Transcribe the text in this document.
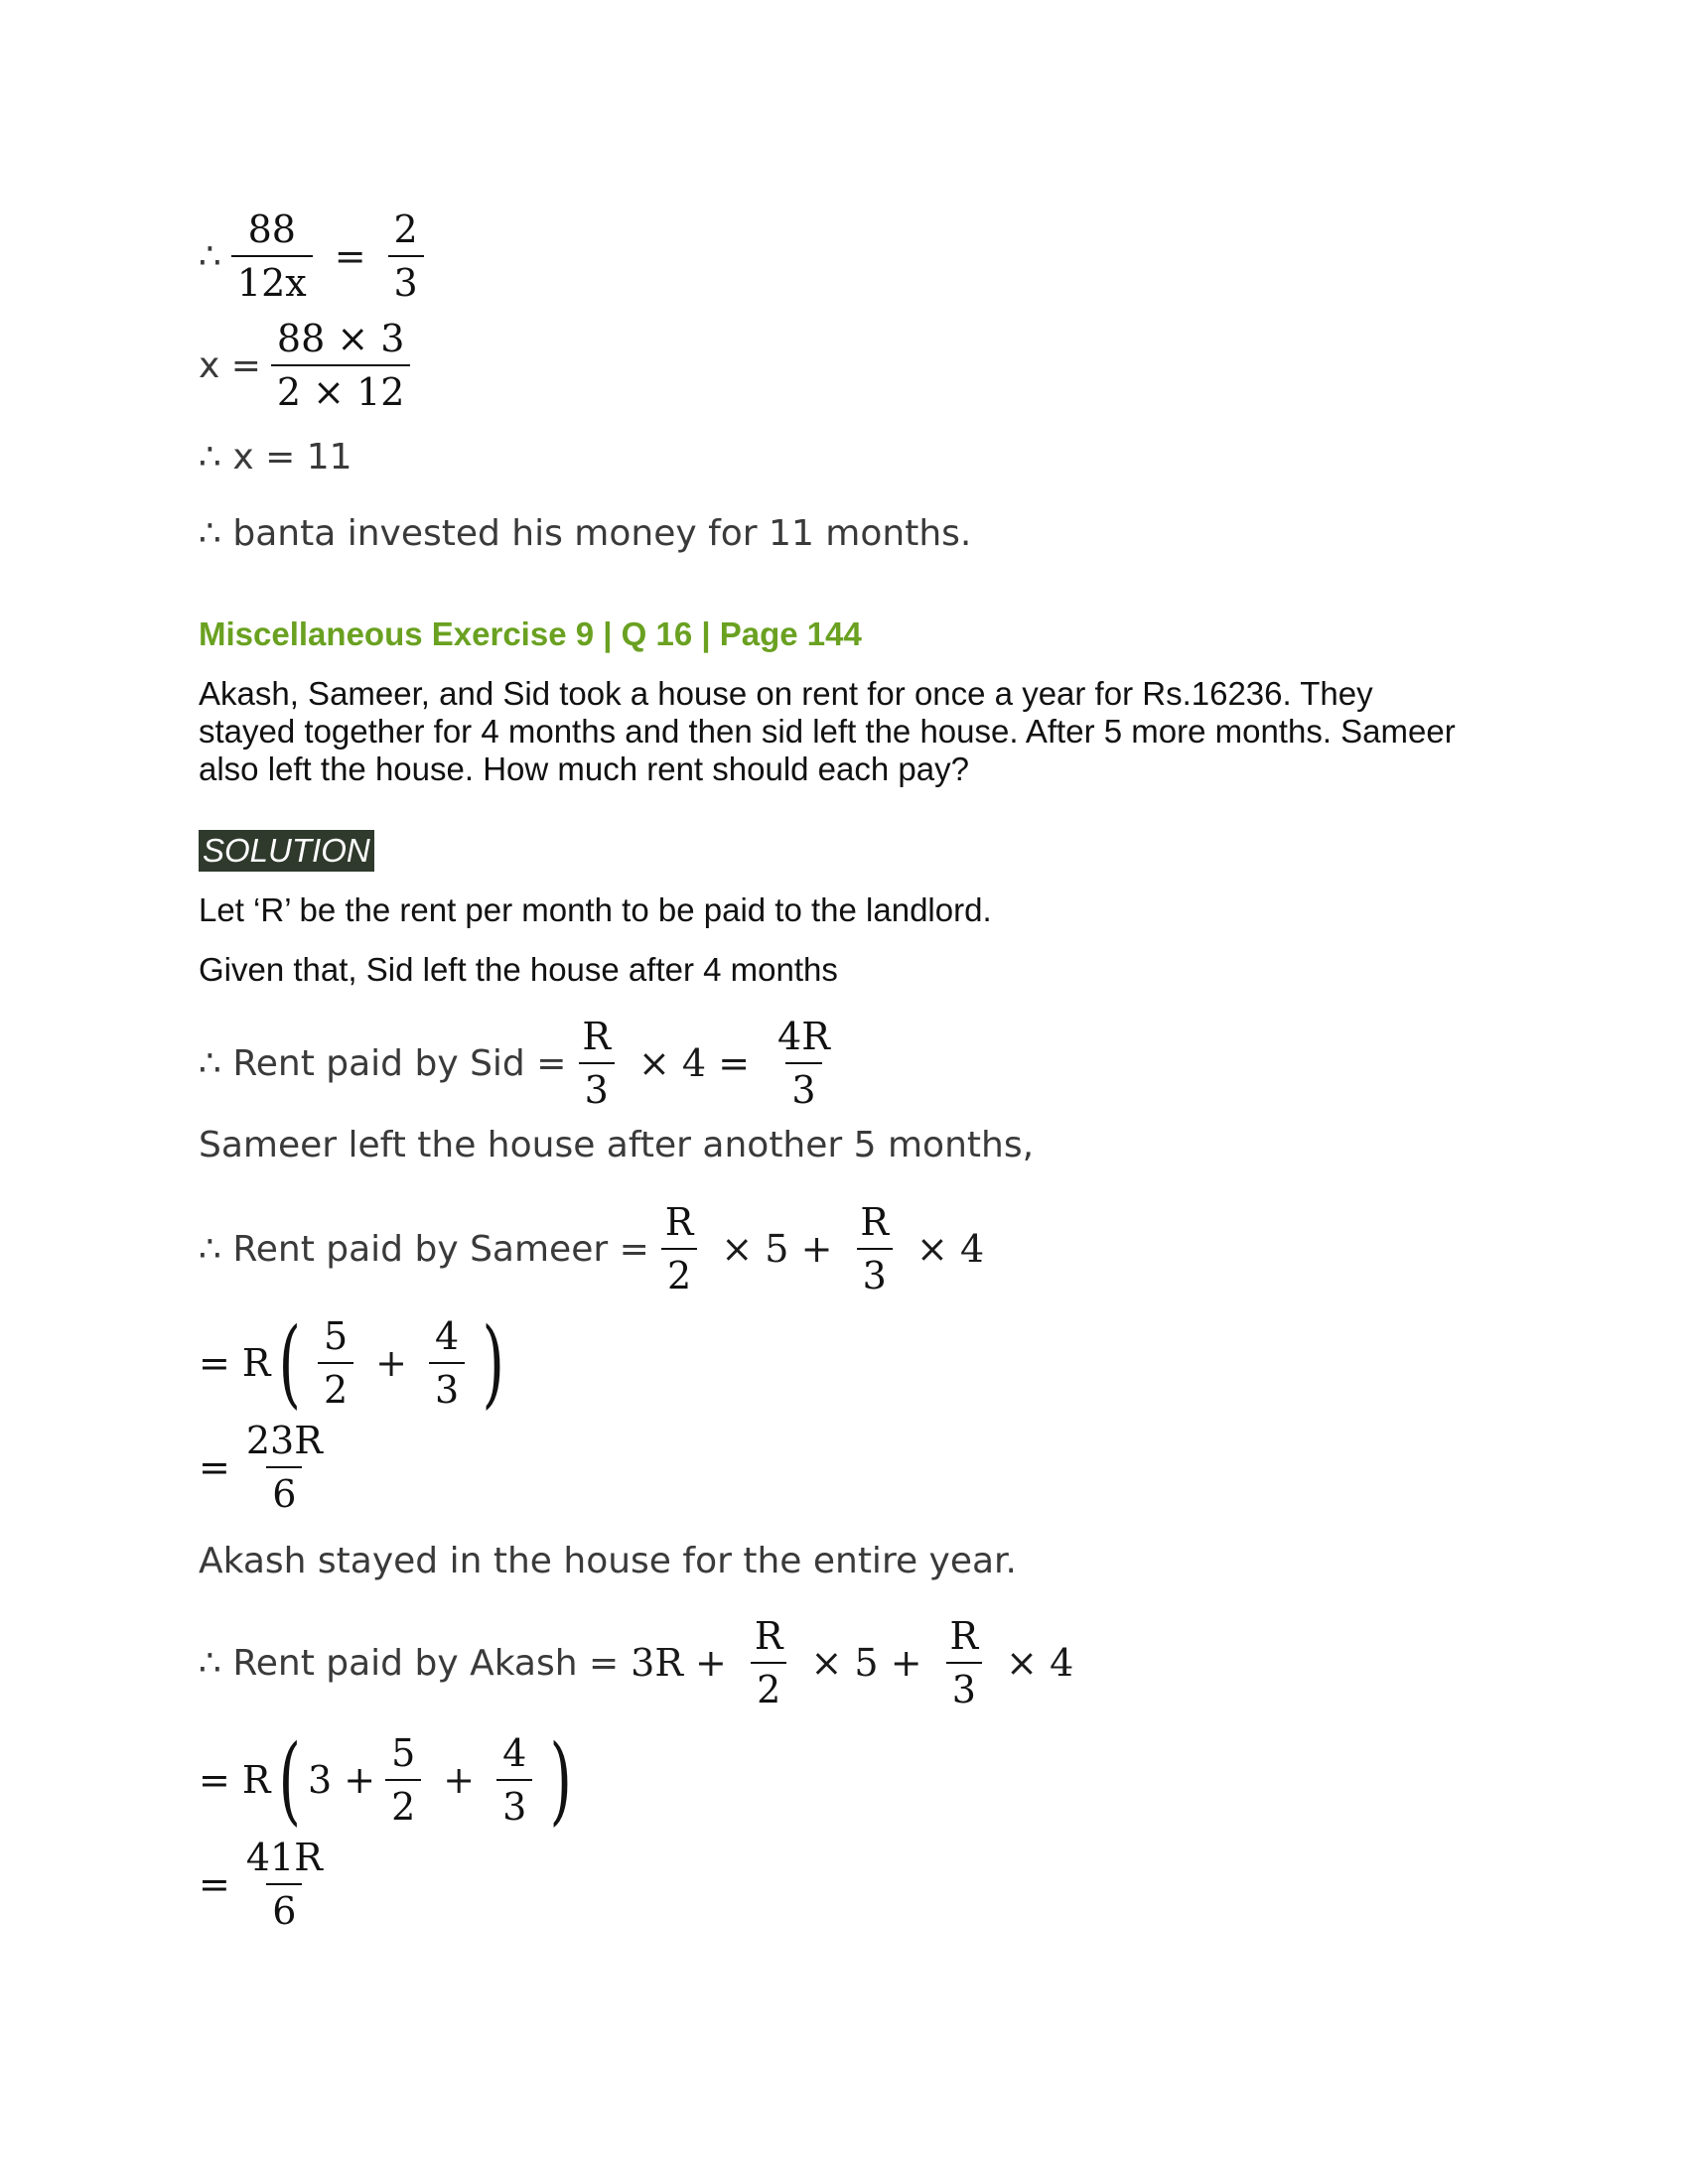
∴ $\frac{88}{12x} = \frac{2}{3}$
$x = \frac{88 \times 3}{2 \times 12}$
∴ x = 11
∴ banta invested his money for 11 months.
Miscellaneous Exercise 9 | Q 16 | Page 144
Akash, Sameer, and Sid took a house on rent for once a year for Rs.16236. They
stayed together for 4 months and then sid left the house. After 5 more months. Sameer
also left the house. How much rent should each pay?
SOLUTION
Let ‘R’ be the rent per month to be paid to the landlord.
Given that, Sid left the house after 4 months
∴ Rent paid by Sid = $\frac{R}{3} \times 4 = \frac{4R}{3}$
Sameer left the house after another 5 months,
∴ Rent paid by Sameer = $\frac{R}{2} \times 5 + \frac{R}{3} \times 4$
= R ( $\frac{5}{2} + \frac{4}{3}$ )
= $\frac{23R}{6}$
Akash stayed in the house for the entire year.
∴ Rent paid by Akash = $3R + \frac{R}{2} \times 5 + \frac{R}{3} \times 4$
= R ( $3 + \frac{5}{2} + \frac{4}{3}$ )
= $\frac{41R}{6}$
